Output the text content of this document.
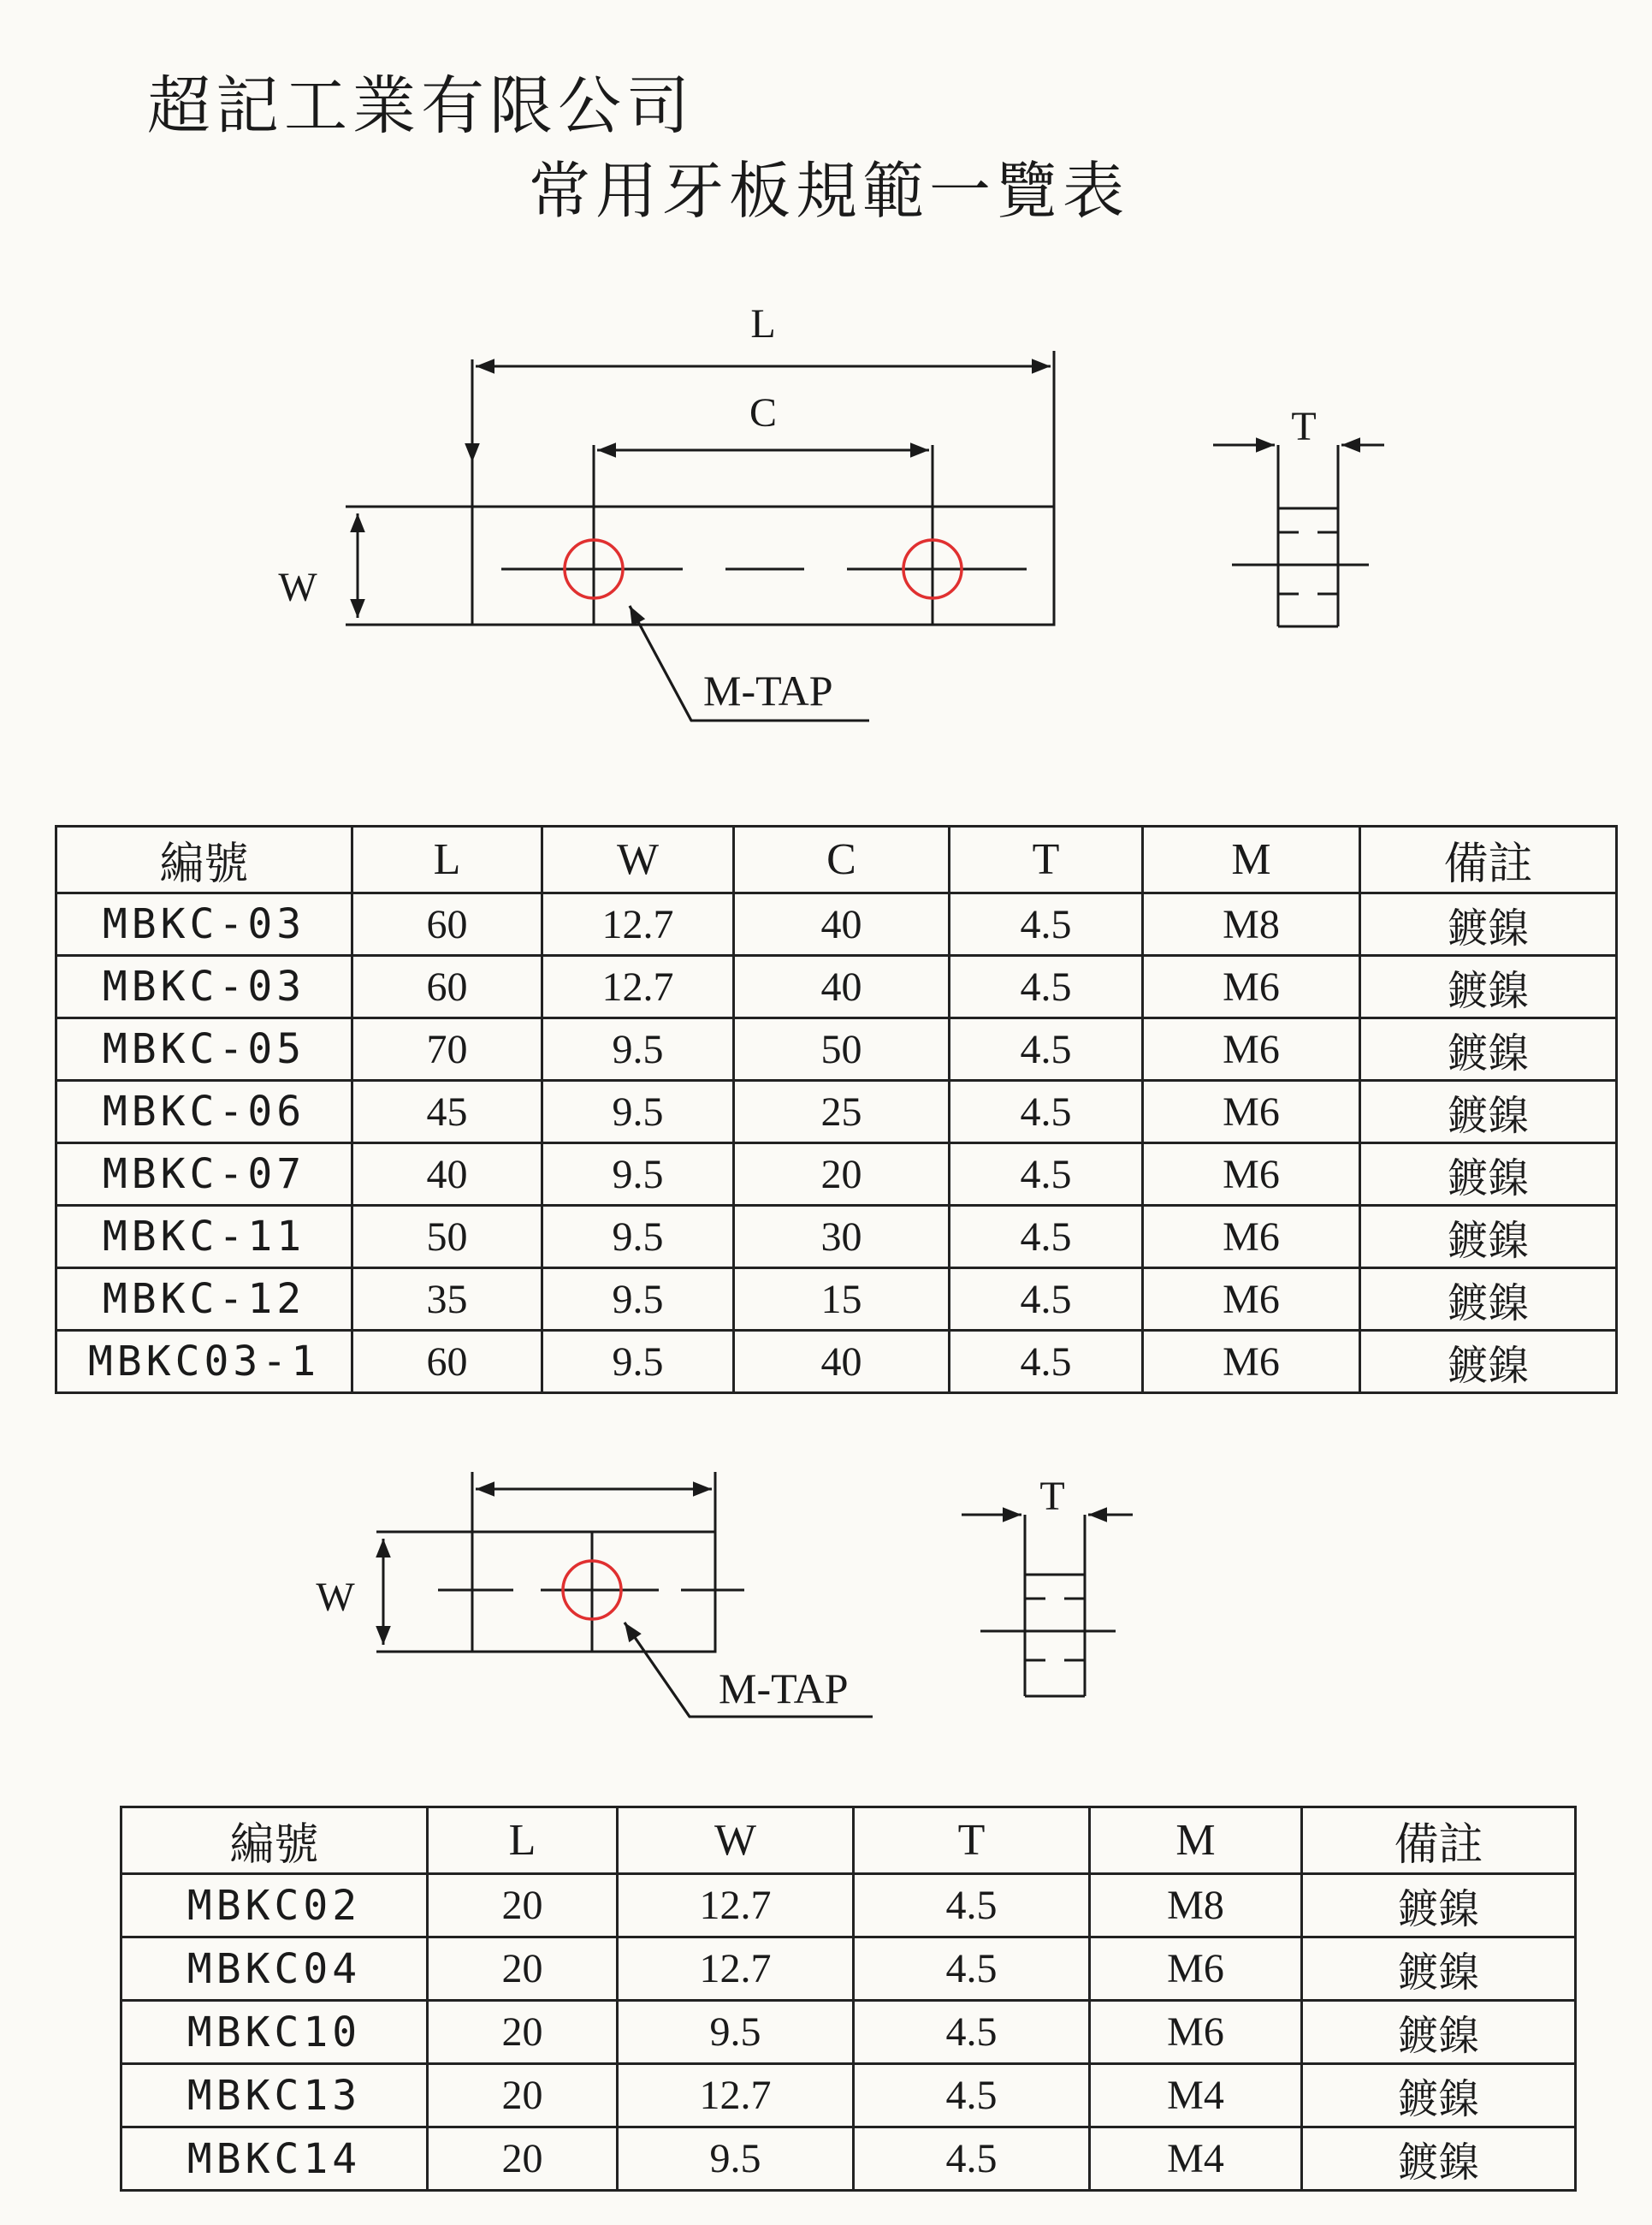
超記工業有限公司
常用牙板規範一覽表
L
C
W
T
M-TAP
W
T
M-TAP
編號	L	W	C	T	M	備註
MBKC-03	60	12.7	40	4.5	M8	鍍鎳
MBKC-03	60	12.7	40	4.5	M6	鍍鎳
MBKC-05	70	9.5	50	4.5	M6	鍍鎳
MBKC-06	45	9.5	25	4.5	M6	鍍鎳
MBKC-07	40	9.5	20	4.5	M6	鍍鎳
MBKC-11	50	9.5	30	4.5	M6	鍍鎳
MBKC-12	35	9.5	15	4.5	M6	鍍鎳
MBKC03-1	60	9.5	40	4.5	M6	鍍鎳
編號	L	W	T	M	備註
MBKC02	20	12.7	4.5	M8	鍍鎳
MBKC04	20	12.7	4.5	M6	鍍鎳
MBKC10	20	9.5	4.5	M6	鍍鎳
MBKC13	20	12.7	4.5	M4	鍍鎳
MBKC14	20	9.5	4.5	M4	鍍鎳
